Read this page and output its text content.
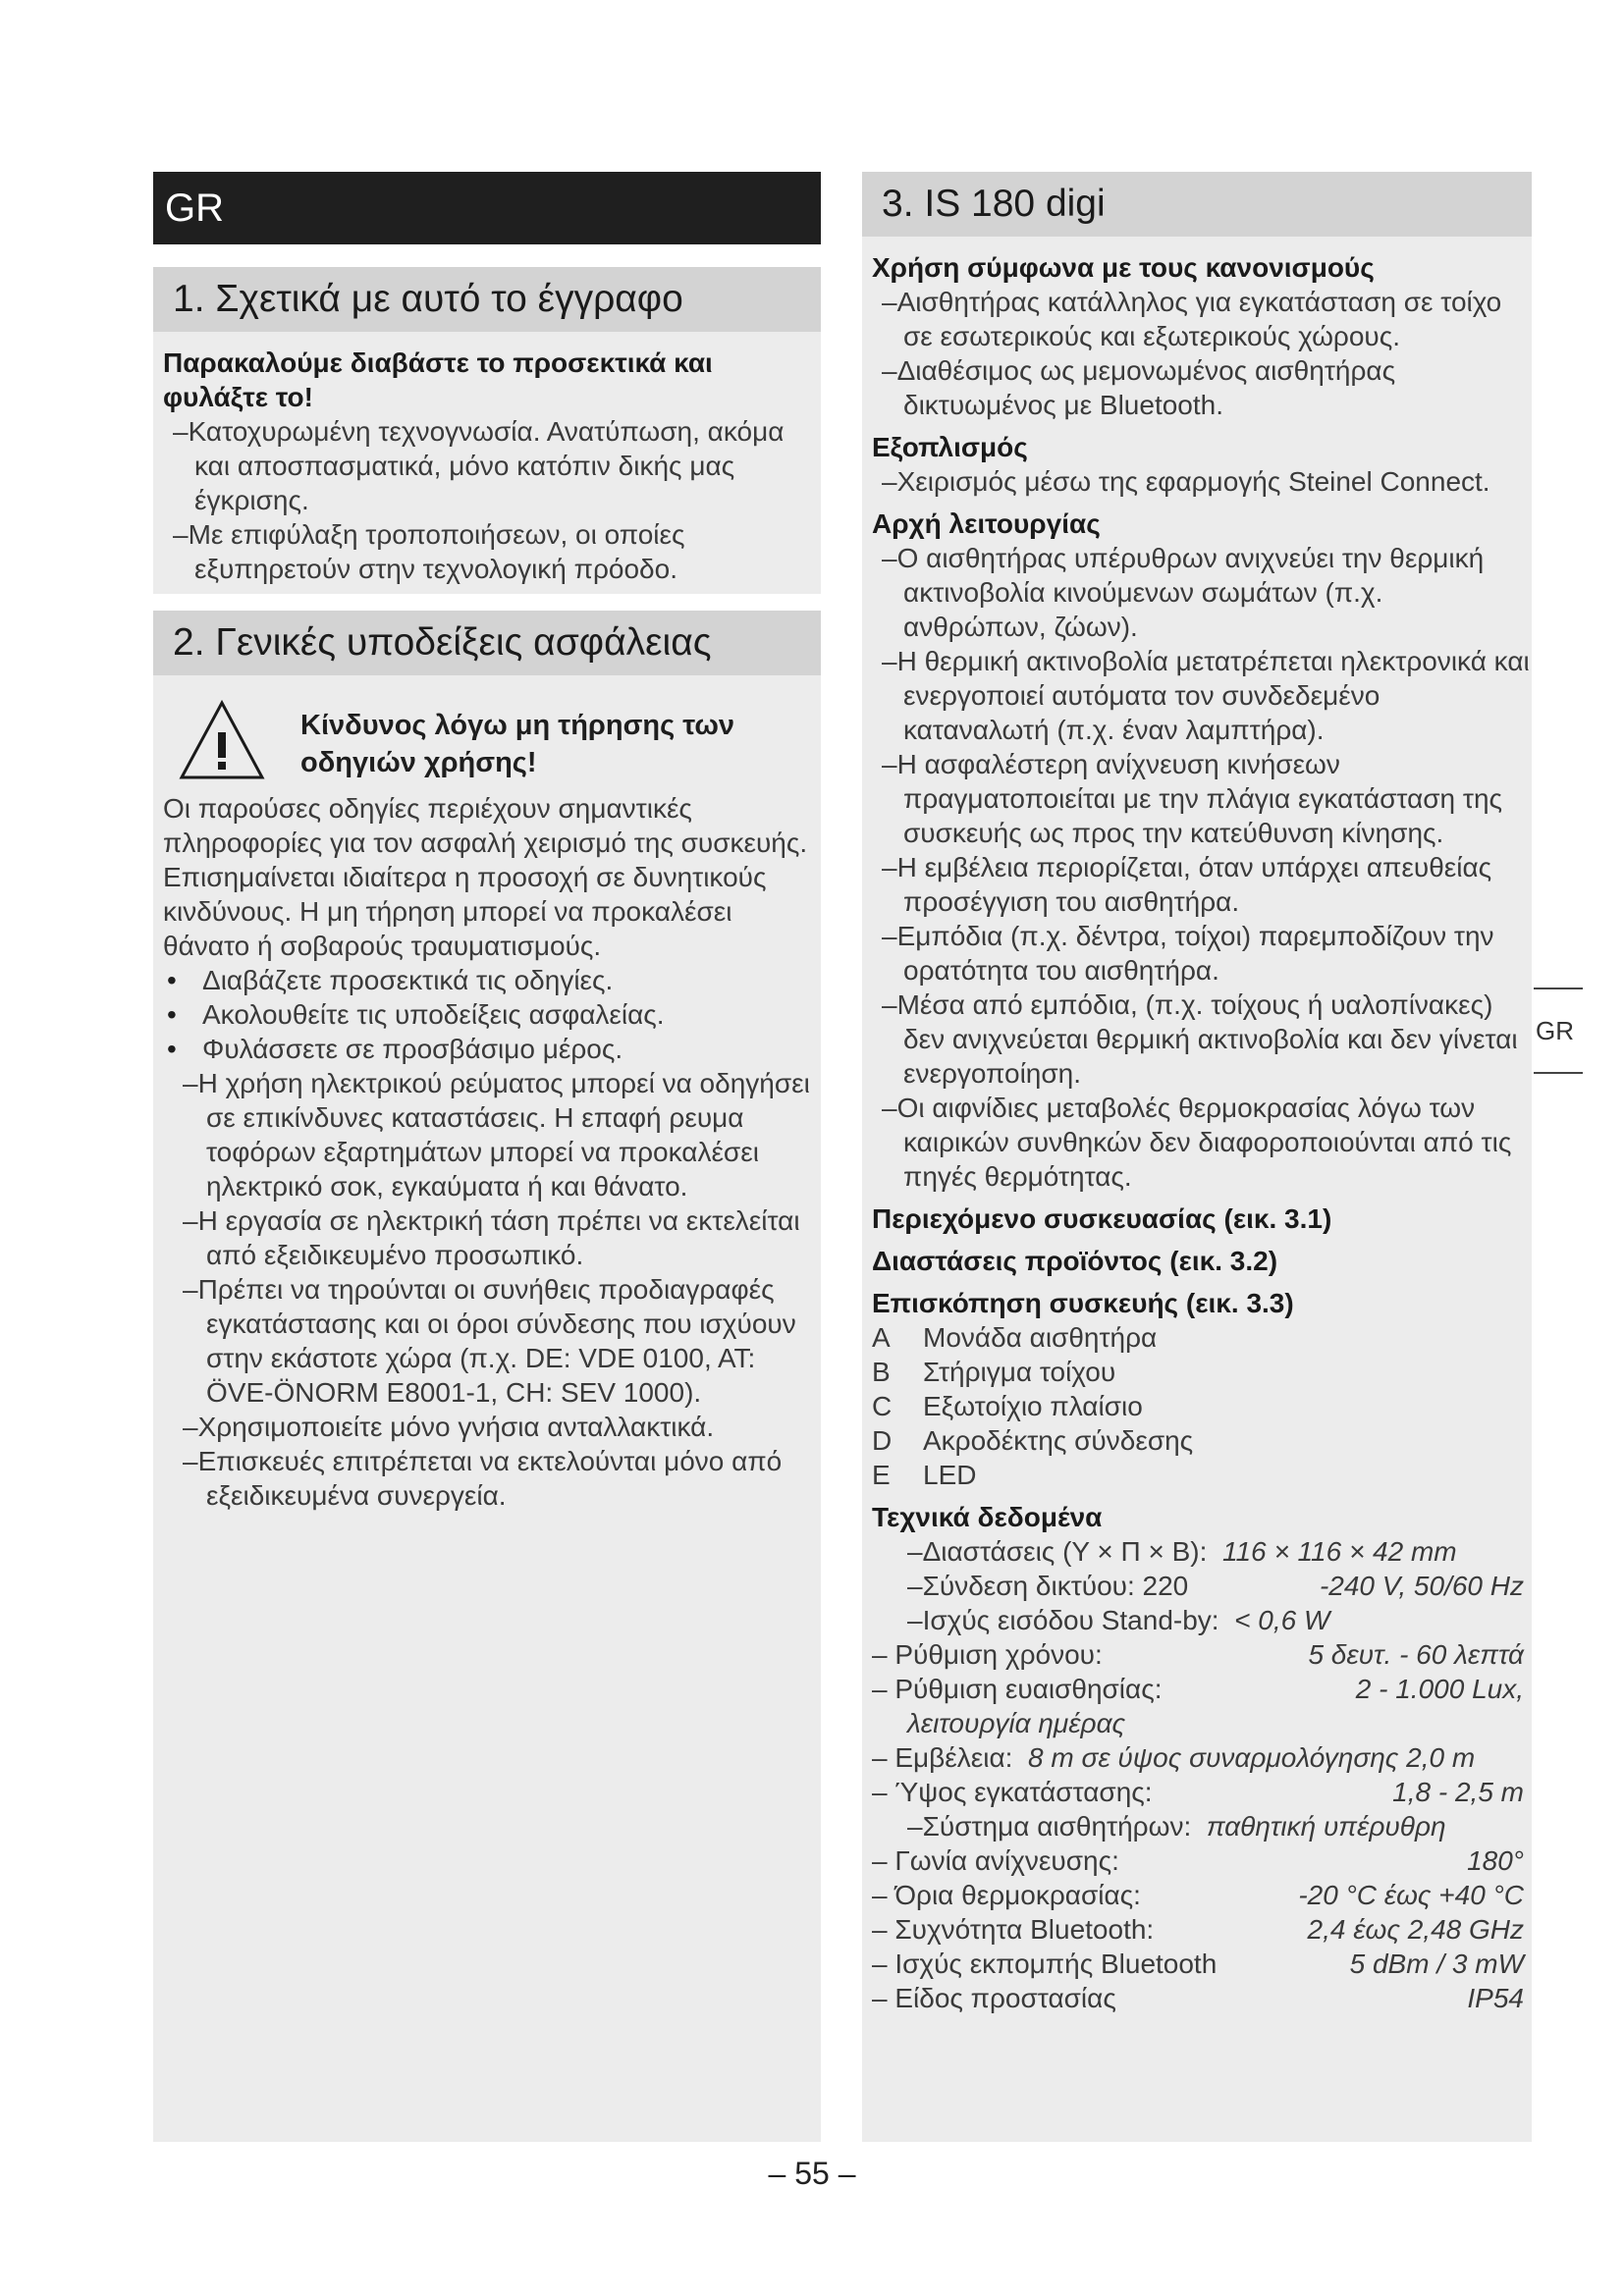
GR
1. Σχετικά με αυτό το έγγραφο
Παρακαλούμε διαβάστε το προσεκτικά και φυλάξτε το!
–Κατοχυρωμένη τεχνογνωσία. Ανατύπωση, ακόμα και αποσπασματικά, μόνο κατόπιν δικής μας έγκρισης.
–Με επιφύλαξη τροποποιήσεων, οι οποίες εξυπηρετούν στην τεχνολογική πρόοδο.
2. Γενικές υποδείξεις ασφάλειας
Κίνδυνος λόγω μη τήρησης των οδηγιών χρήσης!
Οι παρούσες οδηγίες περιέχουν σημαντικές πληροφορίες για τον ασφαλή χειρισμό της συσκευής. Επισημαίνεται ιδιαίτερα η προσοχή σε δυνητικούς κινδύνους. Η μη τήρηση μπορεί να προκαλέσει θάνατο ή σοβαρούς τραυματισμούς.
• Διαβάζετε προσεκτικά τις οδηγίες.
• Ακολουθείτε τις υποδείξεις ασφαλείας.
• Φυλάσσετε σε προσβάσιμο μέρος.
–Η χρήση ηλεκτρικού ρεύματος μπορεί να οδηγήσει σε επικίνδυνες καταστάσεις. Η επαφή ρευμα τοφόρων εξαρτημάτων μπορεί να προκαλέσει ηλεκτρικό σοκ, εγκαύματα ή και θάνατο.
–Η εργασία σε ηλεκτρική τάση πρέπει να εκτελείται από εξειδικευμένο προσωπικό.
–Πρέπει να τηρούνται οι συνήθεις προδιαγραφές εγκατάστασης και οι όροι σύνδεσης που ισχύουν στην εκάστοτε χώρα (π.χ. DE: VDE 0100, AT: ÖVE-ÖNORM E8001-1, CH: SEV 1000).
–Χρησιμοποιείτε μόνο γνήσια ανταλλακτικά.
–Επισκευές επιτρέπεται να εκτελούνται μόνο από εξειδικευμένα συνεργεία.
3. IS 180 digi
Χρήση σύμφωνα με τους κανονισμούς
–Αισθητήρας κατάλληλος για εγκατάσταση σε τοίχο σε εσωτερικούς και εξωτερικούς χώρους.
–Διαθέσιμος ως μεμονωμένος αισθητήρας δικτυωμένος με Bluetooth.
Εξοπλισμός
–Χειρισμός μέσω της εφαρμογής Steinel Connect.
Αρχή λειτουργίας
–Ο αισθητήρας υπέρυθρων ανιχνεύει την θερμική ακτινοβολία κινούμενων σωμάτων (π.χ. ανθρώπων, ζώων).
–Η θερμική ακτινοβολία μετατρέπεται ηλεκτρονικά και ενεργοποιεί αυτόματα τον συνδεδεμένο καταναλωτή (π.χ. έναν λαμπτήρα).
–Η ασφαλέστερη ανίχνευση κινήσεων πραγματοποιείται με την πλάγια εγκατάσταση της συσκευής ως προς την κατεύθυνση κίνησης.
–Η εμβέλεια περιορίζεται, όταν υπάρχει απευθείας προσέγγιση του αισθητήρα.
–Εμπόδια (π.χ. δέντρα, τοίχοι) παρεμποδίζουν την ορατότητα του αισθητήρα.
–Μέσα από εμπόδια, (π.χ. τοίχους ή υαλοπίνακες) δεν ανιχνεύεται θερμική ακτινοβολία και δεν γίνεται ενεργοποίηση.
–Οι αιφνίδιες μεταβολές θερμοκρασίας λόγω των καιρικών συνθηκών δεν διαφοροποιούνται από τις πηγές θερμότητας.
Περιεχόμενο συσκευασίας (εικ. 3.1)
Διαστάσεις προϊόντος (εικ. 3.2)
Επισκόπηση συσκευής (εικ. 3.3)
A	Μονάδα αισθητήρα
B	Στήριγμα τοίχου
C	Εξωτοίχιο πλαίσιο
D	Ακροδέκτης σύνδεσης
E	LED
Τεχνικά δεδομένα
–Διαστάσεις (Υ × Π × Β):
116 × 116 × 42 mm
–Σύνδεση δικτύου: 220	-240 V, 50/60 Hz
–Ισχύς εισόδου Stand-by:
< 0,6 W
– Ρύθμιση χρόνου:	5 δευτ. - 60 λεπτά
– Ρύθμιση ευαισθησίας:	2 - 1.000 Lux,
λειτουργία ημέρας
– Εμβέλεια:
8 m σε ύψος συναρμολόγησης 2,0 m
– Ύψος εγκατάστασης:	1,8 - 2,5 m
–Σύστημα αισθητήρων:
παθητική υπέρυθρη
– Γωνία ανίχνευσης:	180°
– Όρια θερμοκρασίας:	-20 °C έως +40 °C
– Συχνότητα Bluetooth:	2,4 έως 2,48 GHz
– Ισχύς εκπομπής Bluetooth	5 dBm / 3 mW
– Είδος προστασίας	IP54
GR
– 55 –
